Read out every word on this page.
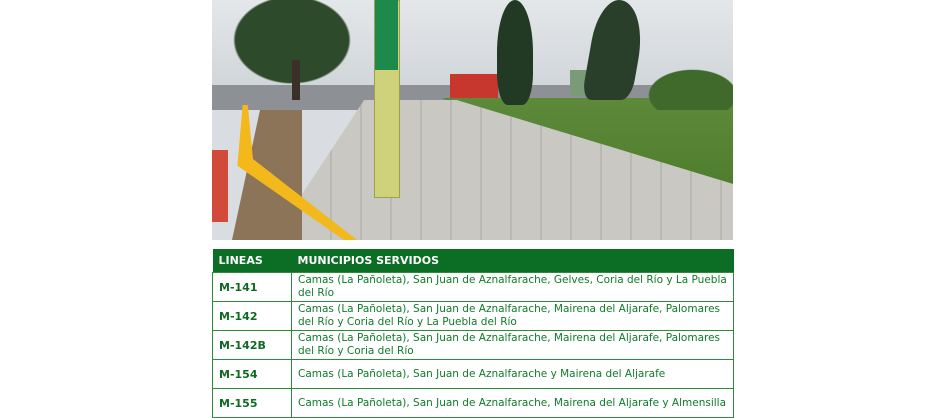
LINEAS	MUNICIPIOS SERVIDOS
M-141	Camas (La Pañoleta), San Juan de Aznalfarache, Gelves, Coria del Río y La Puebla del Río
M-142	Camas (La Pañoleta), San Juan de Aznalfarache, Mairena del Aljarafe, Palomares del Río y Coria del Río y La Puebla del Río
M-142B	Camas (La Pañoleta), San Juan de Aznalfarache, Mairena del Aljarafe, Palomares del Río y Coria del Río
M-154	Camas (La Pañoleta), San Juan de Aznalfarache y Mairena del Aljarafe
M-155	Camas (La Pañoleta), San Juan de Aznalfarache, Mairena del Aljarafe y Almensilla
